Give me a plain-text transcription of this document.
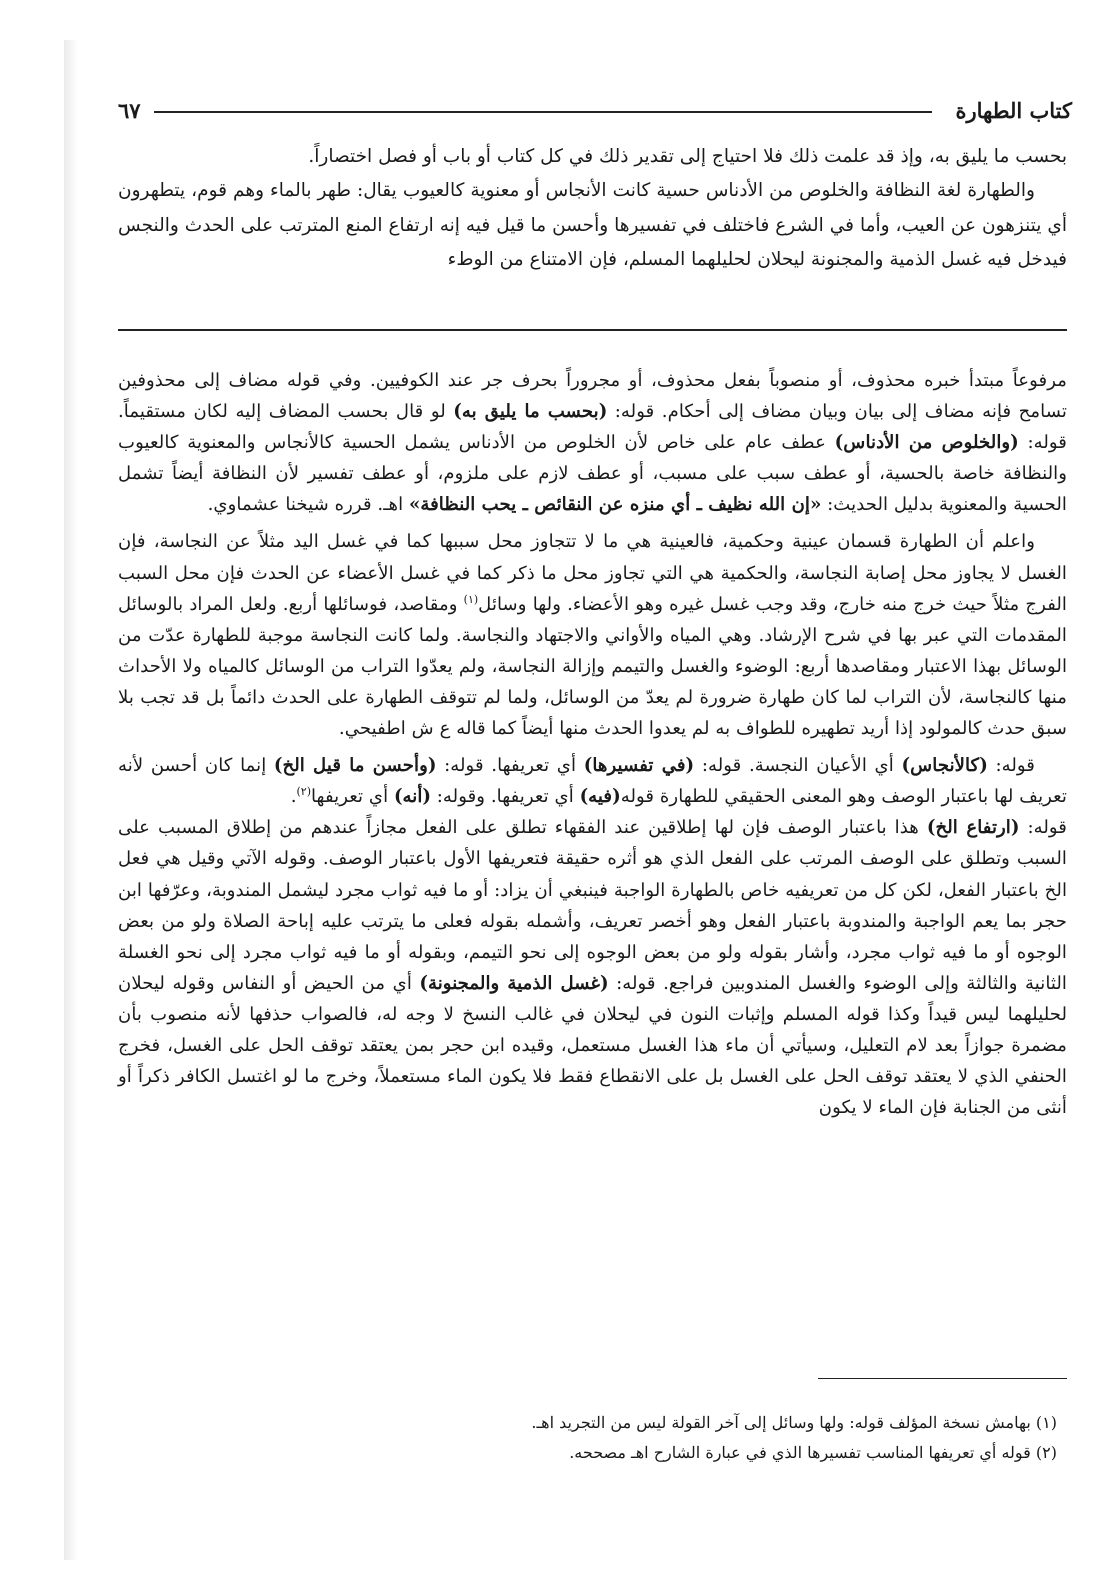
كتاب الطهارة
٦٧

بحسب ما يليق به، وإذ قد علمت ذلك فلا احتياج إلى تقدير ذلك في كل كتاب أو باب أو فصل اختصاراً.

والطهارة لغة النظافة والخلوص من الأدناس حسية كانت الأنجاس أو معنوية كالعيوب يقال: طهر بالماء وهم قوم، يتطهرون أي يتنزهون عن العيب، وأما في الشرع فاختلف في تفسيرها وأحسن ما قيل فيه إنه ارتفاع المنع المترتب على الحدث والنجس فيدخل فيه غسل الذمية والمجنونة ليحلان لحليلهما المسلم، فإن الامتناع من الوطء

مرفوعاً مبتدأ خبره محذوف، أو منصوباً بفعل محذوف، أو مجروراً بحرف جر عند الكوفيين. وفي قوله مضاف إلى محذوفين تسامح فإنه مضاف إلى بيان وبيان مضاف إلى أحكام. قوله: (بحسب ما يليق به) لو قال بحسب المضاف إليه لكان مستقيماً. قوله: (والخلوص من الأدناس) عطف عام على خاص لأن الخلوص من الأدناس يشمل الحسية كالأنجاس والمعنوية كالعيوب والنظافة خاصة بالحسية، أو عطف سبب على مسبب، أو عطف لازم على ملزوم، أو عطف تفسير لأن النظافة أيضاً تشمل الحسية والمعنوية بدليل الحديث: «إن الله نظيف ـ أي منزه عن النقائص ـ يحب النظافة» اهـ. قرره شيخنا عشماوي.

واعلم أن الطهارة قسمان عينية وحكمية، فالعينية هي ما لا تتجاوز محل سببها كما في غسل اليد مثلاً عن النجاسة، فإن الغسل لا يجاوز محل إصابة النجاسة، والحكمية هي التي تجاوز محل ما ذكر كما في غسل الأعضاء عن الحدث فإن محل السبب الفرج مثلاً حيث خرج منه خارج، وقد وجب غسل غيره وهو الأعضاء. ولها وسائل$^{(١)}$ ومقاصد، فوسائلها أربع. ولعل المراد بالوسائل المقدمات التي عبر بها في شرح الإرشاد. وهي المياه والأواني والاجتهاد والنجاسة. ولما كانت النجاسة موجبة للطهارة عدّت من الوسائل بهذا الاعتبار ومقاصدها أربع: الوضوء والغسل والتيمم وإزالة النجاسة، ولم يعدّوا التراب من الوسائل كالمياه ولا الأحداث منها كالنجاسة، لأن التراب لما كان طهارة ضرورة لم يعدّ من الوسائل، ولما لم تتوقف الطهارة على الحدث دائماً بل قد تجب بلا سبق حدث كالمولود إذا أريد تطهيره للطواف به لم يعدوا الحدث منها أيضاً كما قاله ع ش اطفيحي.

قوله: (كالأنجاس) أي الأعيان النجسة. قوله: (في تفسيرها) أي تعريفها. قوله: (وأحسن ما قيل الخ) إنما كان أحسن لأنه تعريف لها باعتبار الوصف وهو المعنى الحقيقي للطهارة قوله(فيه) أي تعريفها. وقوله: (أنه) أي تعريفها$^{(٢)}$.
قوله: (ارتفاع الخ) هذا باعتبار الوصف فإن لها إطلاقين عند الفقهاء تطلق على الفعل مجازاً عندهم من إطلاق المسبب على السبب وتطلق على الوصف المرتب على الفعل الذي هو أثره حقيقة فتعريفها الأول باعتبار الوصف. وقوله الآتي وقيل هي فعل الخ باعتبار الفعل، لكن كل من تعريفيه خاص بالطهارة الواجبة فينبغي أن يزاد: أو ما فيه ثواب مجرد ليشمل المندوبة، وعرّفها ابن حجر بما يعم الواجبة والمندوبة باعتبار الفعل وهو أخصر تعريف، وأشمله بقوله فعلى ما يترتب عليه إباحة الصلاة ولو من بعض الوجوه أو ما فيه ثواب مجرد، وأشار بقوله ولو من بعض الوجوه إلى نحو التيمم، وبقوله أو ما فيه ثواب مجرد إلى نحو الغسلة الثانية والثالثة وإلى الوضوء والغسل المندوبين فراجع. قوله: (غسل الذمية والمجنونة) أي من الحيض أو النفاس وقوله ليحلان لحليلهما ليس قيداً وكذا قوله المسلم وإثبات النون في ليحلان في غالب النسخ لا وجه له، فالصواب حذفها لأنه منصوب بأن مضمرة جوازاً بعد لام التعليل، وسيأتي أن ماء هذا الغسل مستعمل، وقيده ابن حجر بمن يعتقد توقف الحل على الغسل، فخرج الحنفي الذي لا يعتقد توقف الحل على الغسل بل على الانقطاع فقط فلا يكون الماء مستعملاً، وخرج ما لو اغتسل الكافر ذكراً أو أنثى من الجنابة فإن الماء لا يكون

(١) بهامش نسخة المؤلف قوله: ولها وسائل إلى آخر القولة ليس من التجريد اهـ.
(٢) قوله أي تعريفها المناسب تفسيرها الذي في عبارة الشارح اهـ مصححه.
